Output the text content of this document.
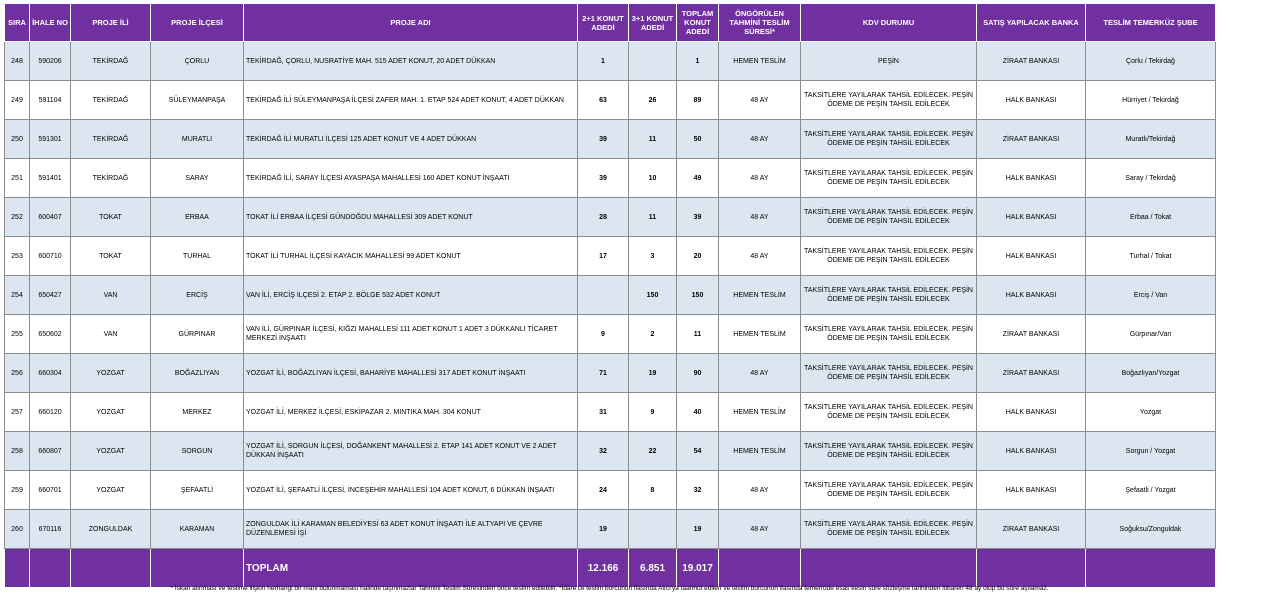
SIRA	İHALE NO	PROJE İLİ	PROJE İLÇESİ	PROJE ADI	2+1 KONUT ADEDİ	3+1 KONUT ADEDİ	TOPLAM KONUT ADEDİ	ÖNGÖRÜLEN TAHMİNİ TESLİM SÜRESİ*	KDV DURUMU	SATIŞ YAPILACAK BANKA	TESLİM TEMERKÜZ ŞUBE
248	590206	TEKİRDAĞ	ÇORLU	TEKİRDAĞ, ÇORLU, NUSRATİYE MAH. 515 ADET KONUT, 20 ADET DÜKKAN	1		1	HEMEN TESLİM	PEŞİN	ZİRAAT BANKASI	Çorlu / Tekirdağ
249	591104	TEKİRDAĞ	SÜLEYMANPAŞA	TEKİRDAĞ İLİ SÜLEYMANPAŞA İLÇESİ ZAFER MAH. 1. ETAP 524 ADET KONUT, 4 ADET DÜKKAN	63	26	89	48 AY	TAKSİTLERE YAYILARAK TAHSİL EDİLECEK. PEŞİN ÖDEME DE PEŞİN TAHSİL EDİLECEK	HALK BANKASI	Hürriyet / Tekirdağ
250	591301	TEKİRDAĞ	MURATLI	TEKİRDAĞ İLİ MURATLI İLÇESİ 125 ADET KONUT VE 4 ADET DÜKKAN	39	11	50	48 AY	TAKSİTLERE YAYILARAK TAHSİL EDİLECEK. PEŞİN ÖDEME DE PEŞİN TAHSİL EDİLECEK	ZİRAAT BANKASI	Muratlı/Tekirdağ
251	591401	TEKİRDAĞ	SARAY	TEKİRDAĞ İLİ, SARAY İLÇESİ AYASPAŞA MAHALLESİ 160 ADET KONUT İNŞAATI	39	10	49	48 AY	TAKSİTLERE YAYILARAK TAHSİL EDİLECEK. PEŞİN ÖDEME DE PEŞİN TAHSİL EDİLECEK	HALK BANKASI	Saray / Tekirdağ
252	600407	TOKAT	ERBAA	TOKAT İLİ ERBAA İLÇESİ GÜNDOĞDU MAHALLESİ 309 ADET KONUT	28	11	39	48 AY	TAKSİTLERE YAYILARAK TAHSİL EDİLECEK. PEŞİN ÖDEME DE PEŞİN TAHSİL EDİLECEK	HALK BANKASI	Erbaa / Tokat
253	600710	TOKAT	TURHAL	TOKAT İLİ TURHAL İLÇESİ KAYACIK MAHALLESİ 99 ADET KONUT	17	3	20	48 AY	TAKSİTLERE YAYILARAK TAHSİL EDİLECEK. PEŞİN ÖDEME DE PEŞİN TAHSİL EDİLECEK	HALK BANKASI	Turhal / Tokat
254	650427	VAN	ERCİŞ	VAN İLİ, ERCİŞ İLÇESİ 2. ETAP 2. BÖLGE 532 ADET KONUT		150	150	HEMEN TESLİM	TAKSİTLERE YAYILARAK TAHSİL EDİLECEK. PEŞİN ÖDEME DE PEŞİN TAHSİL EDİLECEK	HALK BANKASI	Erciş / Van
255	650602	VAN	GÜRPINAR	VAN İLİ, GÜRPINAR İLÇESİ, KIĞZI MAHALLESİ 111 ADET KONUT 1 ADET 3 DÜKKANLI TİCARET MERKEZİ İNŞAATI	9	2	11	HEMEN TESLİM	TAKSİTLERE YAYILARAK TAHSİL EDİLECEK. PEŞİN ÖDEME DE PEŞİN TAHSİL EDİLECEK	ZİRAAT BANKASI	Gürpınar/Van
256	660304	YOZGAT	BOĞAZLIYAN	YOZGAT İLİ, BOĞAZLIYAN İLÇESİ, BAHARİYE MAHALLESİ 317 ADET KONUT İNŞAATI	71	19	90	48 AY	TAKSİTLERE YAYILARAK TAHSİL EDİLECEK. PEŞİN ÖDEME DE PEŞİN TAHSİL EDİLECEK	ZİRAAT BANKASI	Boğazlıyan/Yozgat
257	660120	YOZGAT	MERKEZ	YOZGAT İLİ, MERKEZ İLÇESİ, ESKİPAZAR 2. MINTIKA MAH. 304 KONUT	31	9	40	HEMEN TESLİM	TAKSİTLERE YAYILARAK TAHSİL EDİLECEK. PEŞİN ÖDEME DE PEŞİN TAHSİL EDİLECEK	HALK BANKASI	Yozgat
258	660807	YOZGAT	SORGUN	YOZGAT İLİ, SORGUN İLÇESİ, DOĞANKENT MAHALLESİ 2. ETAP 141 ADET KONUT VE 2 ADET DÜKKAN İNŞAATI	32	22	54	HEMEN TESLİM	TAKSİTLERE YAYILARAK TAHSİL EDİLECEK. PEŞİN ÖDEME DE PEŞİN TAHSİL EDİLECEK	HALK BANKASI	Sorgun / Yozgat
259	660701	YOZGAT	ŞEFAATLİ	YOZGAT İLİ, ŞEFAATLİ İLÇESİ, İNCEŞEHİR MAHALLESİ 104 ADET KONUT, 6 DÜKKAN İNŞAATI	24	8	32	48 AY	TAKSİTLERE YAYILARAK TAHSİL EDİLECEK. PEŞİN ÖDEME DE PEŞİN TAHSİL EDİLECEK	HALK BANKASI	Şefaatli / Yozgat
260	670116	ZONGULDAK	KARAMAN	ZONGULDAK İLİ KARAMAN BELEDİYESİ 63 ADET KONUT İNŞAATI İLE ALTYAPI VE ÇEVRE DÜZENLEMESİ İŞİ	19		19	48 AY	TAKSİTLERE YAYILARAK TAHSİL EDİLECEK. PEŞİN ÖDEME DE PEŞİN TAHSİL EDİLECEK	ZİRAAT BANKASI	Soğuksu/Zonguldak
				TOPLAM	12.166	6.851	19.017				
* İskan alınması ve teslime ilişkin herhangi bir mani bulunmaması halinde taşınmazlar Tahmini Teslim Süresinden önce teslim edilebilir. *İdare'ce teslim borcunun ifasında Alıcı'ya taahhüt edilen ve teslim borcunun ifasında temerrüde esas kesin süre sözleşme tarihinden itibaren 48 ay olup bu süre aşılamaz.
